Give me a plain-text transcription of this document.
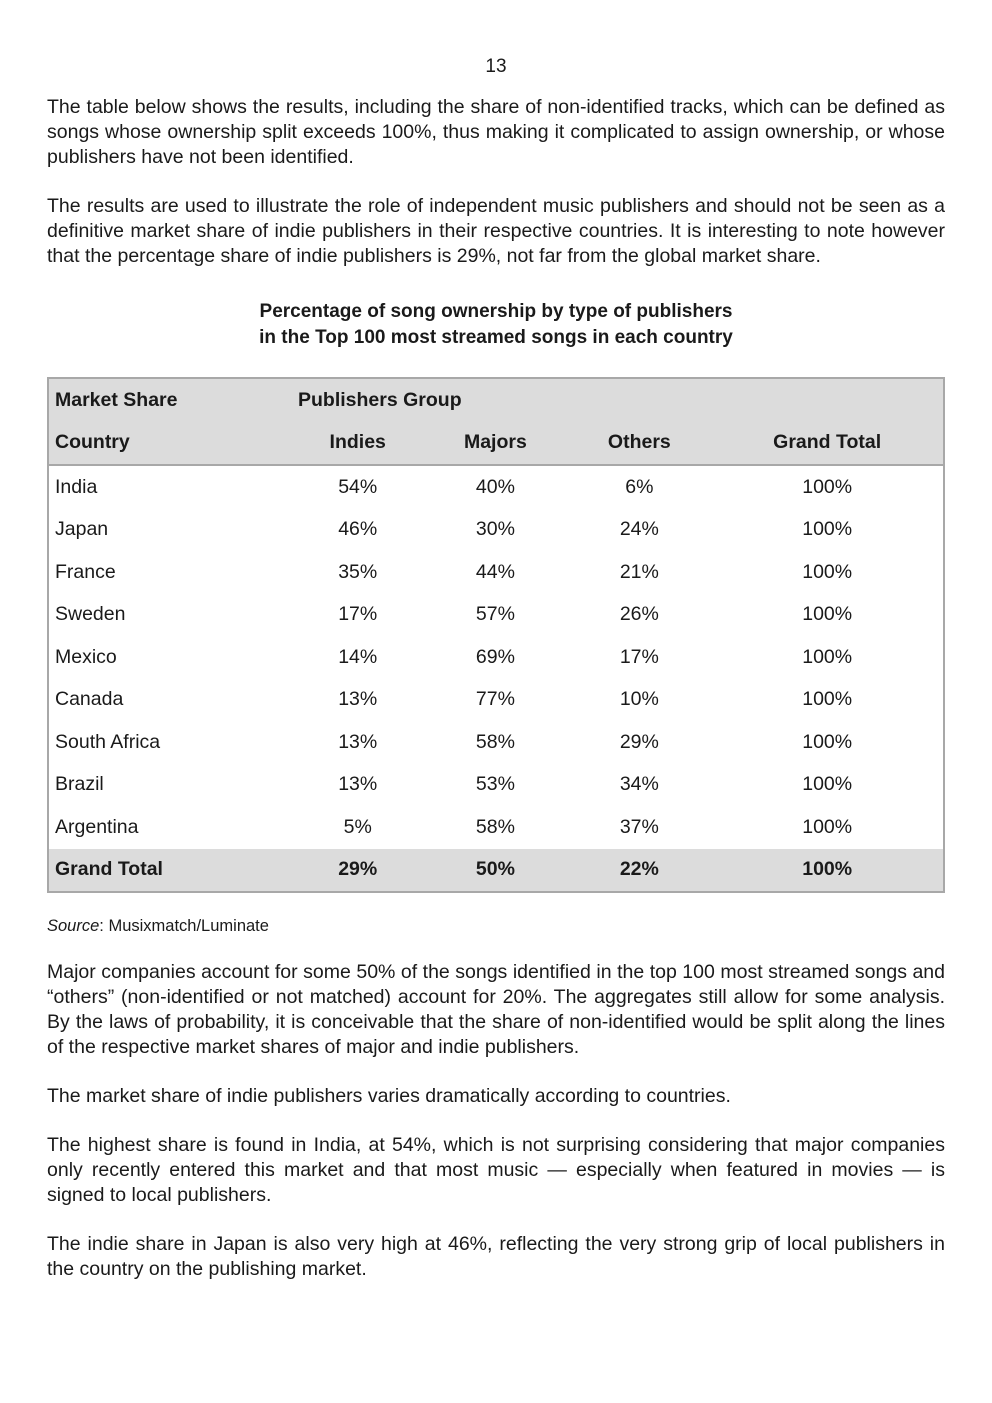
13

The table below shows the results, including the share of non-identified tracks, which can be defined as songs whose ownership split exceeds 100%, thus making it complicated to assign ownership, or whose publishers have not been identified.

The results are used to illustrate the role of independent music publishers and should not be seen as a definitive market share of indie publishers in their respective countries. It is interesting to note however that the percentage share of indie publishers is 29%, not far from the global market share.

Percentage of song ownership by type of publishers
in the Top 100 most streamed songs in each country
Market Share	Publishers Group			
Country	Indies	Majors	Others	Grand Total
India	54%	40%	6%	100%
Japan	46%	30%	24%	100%
France	35%	44%	21%	100%
Sweden	17%	57%	26%	100%
Mexico	14%	69%	17%	100%
Canada	13%	77%	10%	100%
South Africa	13%	58%	29%	100%
Brazil	13%	53%	34%	100%
Argentina	5%	58%	37%	100%
Grand Total	29%	50%	22%	100%
Source: Musixmatch/Luminate

Major companies account for some 50% of the songs identified in the top 100 most streamed songs and “others” (non-identified or not matched) account for 20%. The aggregates still allow for some analysis. By the laws of probability, it is conceivable that the share of non-identified would be split along the lines of the respective market shares of major and indie publishers.

The market share of indie publishers varies dramatically according to countries.

The highest share is found in India, at 54%, which is not surprising considering that major companies only recently entered this market and that most music — especially when featured in movies — is signed to local publishers.

The indie share in Japan is also very high at 46%, reflecting the very strong grip of local publishers in the country on the publishing market.
